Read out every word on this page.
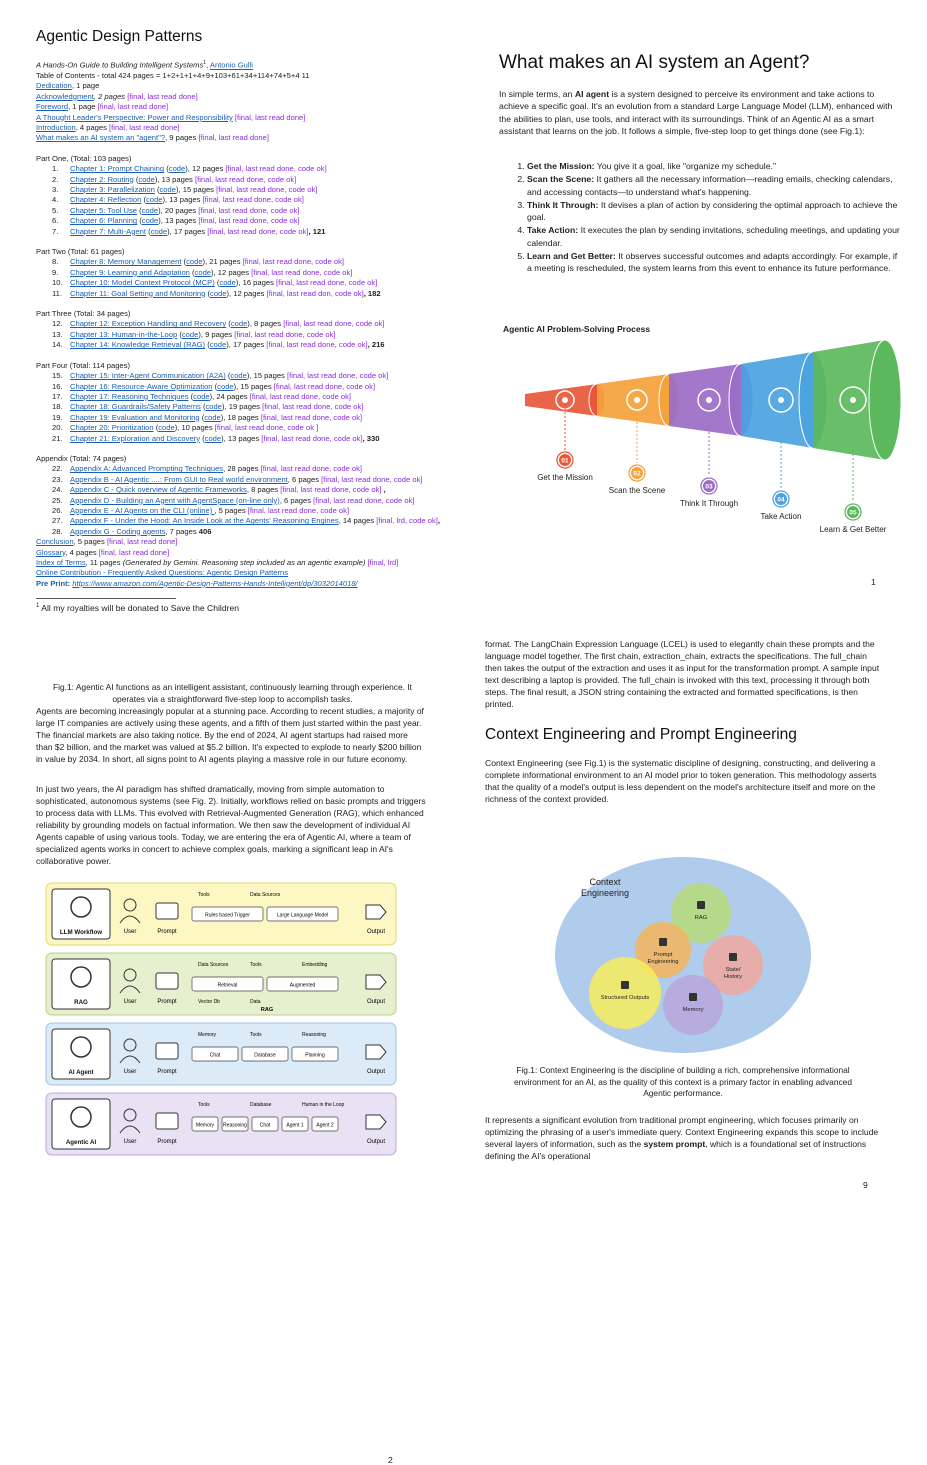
Agentic Design Patterns
A Hands-On Guide to Building Intelligent Systems$^1$, Antonio Gulli
Table of Contents - total 424 pages = 1+2+1+1+4+9+103+61+34+114+74+5+4 11
Dedication, 1 page
Acknowledgment, 2 pages [final, last read done]
Foreword, 1 page [final, last read done]
A Thought Leader's Perspective: Power and Responsibility [final, last read done]
Introduction, 4 pages [final, last read done]
What makes an AI system an "agent"?, 9 pages [final, last read done]
Part One, (Total: 103 pages)
1. Chapter 1: Prompt Chaining (code), 12 pages [final, last read done, code ok]
2. Chapter 2: Routing (code), 13 pages [final, last read done, code ok]
3. Chapter 3: Parallelization (code), 15 pages [final, last read done, code ok]
4. Chapter 4: Reflection (code), 13 pages [final, last read done, code ok]
5. Chapter 5: Tool Use (code), 20 pages [final, last read done, code ok]
6. Chapter 6: Planning (code), 13 pages [final, last read done, code ok]
7. Chapter 7: Multi-Agent (code), 17 pages [final, last read done, code ok], 121
Part Two (Total: 61 pages)
8. Chapter 8: Memory Management (code), 21 pages [final, last read done, code ok]
9. Chapter 9: Learning and Adaptation (code), 12 pages [final, last read done, code ok]
10. Chapter 10: Model Context Protocol (MCP) (code), 16 pages [final, last read done, code ok]
11. Chapter 11: Goal Setting and Monitoring (code), 12 pages [final, last read don, code ok], 182
Part Three (Total: 34 pages)
12. Chapter 12: Exception Handling and Recovery (code), 8 pages [final, last read done, code ok]
13. Chapter 13: Human-in-the-Loop (code), 9 pages [final, last read done, code ok]
14. Chapter 14: Knowledge Retrieval (RAG) (code), 17 pages [final, last read done, code ok], 216
Part Four (Total: 114 pages)
15. Chapter 15: Inter-Agent Communication (A2A) (code), 15 pages [final, last read done, code ok]
16. Chapter 16: Resource-Aware Optimization (code), 15 pages [final, last read done, code ok]
17. Chapter 17: Reasoning Techniques (code), 24 pages [final, last read done, code ok]
18. Chapter 18: Guardrails/Safety Patterns (code), 19 pages [final, last read done, code ok]
19. Chapter 19: Evaluation and Monitoring (code), 18 pages [final, last read done, code ok]
20. Chapter 20: Prioritization (code), 10 pages [final, last read done, code ok ]
21. Chapter 21: Exploration and Discovery (code), 13 pages [final, last read done, code ok], 330
Appendix (Total: 74 pages)
22. Appendix A: Advanced Prompting Techniques, 28 pages [final, last read done, code ok]
23. Appendix B - AI Agentic ....: From GUI to Real world environment, 6 pages [final, last read done, code ok]
24. Appendix C - Quick overview of Agentic Frameworks, 8 pages [final, last read done, code ok] ,
25. Appendix D - Building an Agent with AgentSpace (on-line only), 6 pages [final, last read done, code ok]
26. Appendix E - AI Agents on the CLI (online) , 5 pages [final, last read done, code ok]
27. Appendix F - Under the Hood: An Inside Look at the Agents' Reasoning Engines, 14 pages [final, lrd, code ok],
28. Appendix G - Coding agents, 7 pages 406
Conclusion, 5 pages [final, last read done]
Glossary, 4 pages [final, last read done]
Index of Terms, 11 pages (Generated by Gemini. Reasoning step included as an agentic example) [final, lrd]
Online Contribution - Frequently Asked Questions: Agentic Design Patterns
Pre Print: https://www.amazon.com/Agentic-Design-Patterns-Hands-Intelligent/dp/3032014018/
$^1$ All my royalties will be donated to Save the Children
What makes an AI system an Agent?
In simple terms, an AI agent is a system designed to perceive its environment and take actions to achieve a specific goal. It's an evolution from a standard Large Language Model (LLM), enhanced with the abilities to plan, use tools, and interact with its surroundings. Think of an Agentic AI as a smart assistant that learns on the job. It follows a simple, five-step loop to get things done (see Fig.1):
1. Get the Mission: You give it a goal, like "organize my schedule."
2. Scan the Scene: It gathers all the necessary information—reading emails, checking calendars, and accessing contacts—to understand what's happening.
3. Think It Through: It devises a plan of action by considering the optimal approach to achieve the goal.
4. Take Action: It executes the plan by sending invitations, scheduling meetings, and updating your calendar.
5. Learn and Get Better: It observes successful outcomes and adapts accordingly. For example, if a meeting is rescheduled, the system learns from this event to enhance its future performance.
Agentic AI Problem-Solving Process
01
Get the Mission	02
Scan the Scene	03
Think It Through	04
Take Action	05
Learn & Get Better
1
Fig.1: Agentic AI functions as an intelligent assistant, continuously learning through experience. It operates via a straightforward five-step loop to accomplish tasks.
Agents are becoming increasingly popular at a stunning pace. According to recent studies, a majority of large IT companies are actively using these agents, and a fifth of them just started within the past year. The financial markets are also taking notice. By the end of 2024, AI agent startups had raised more than $2 billion, and the market was valued at $5.2 billion. It's expected to explode to nearly $200 billion in value by 2034. In short, all signs point to AI agents playing a massive role in our future economy.
In just two years, the AI paradigm has shifted dramatically, moving from simple automation to sophisticated, autonomous systems (see Fig. 2). Initially, workflows relied on basic prompts and triggers to process data with LLMs. This evolved with Retrieval-Augmented Generation (RAG), which enhanced reliability by grounding models on factual information. We then saw the development of individual AI Agents capable of using various tools. Today, we are entering the era of Agentic AI, where a team of specialized agents works in concert to achieve complex goals, marking a significant leap in AI's collaborative power.
LLM Workflow	User	Prompt
Rules based Trigger	Large Language Model
Tools	Data Sources
Output
RAG	User	Prompt
Retrieval	Augmented
Data Sources	Tools	Embedding
Vector Db	Data
RAG
Output
AI Agent	User	Prompt
Chat	Database	Planning
Memory	Tools	Reasoning
Output
Agentic AI	User	Prompt
Memory Reasoning	Chat	Agent 1	Agent 2
Tools	Database	Human in the Loop
Output
2
format. The LangChain Expression Language (LCEL) is used to elegantly chain these prompts and the language model together. The first chain, extraction_chain, extracts the specifications. The full_chain then takes the output of the extraction and uses it as input for the transformation prompt. A sample input text describing a laptop is provided. The full_chain is invoked with this text, processing it through both steps. The final result, a JSON string containing the extracted and formatted specifications, is then printed.
Context Engineering and Prompt Engineering
Context Engineering (see Fig.1) is the systematic discipline of designing, constructing, and delivering a complete informational environment to an AI model prior to token generation. This methodology asserts that the quality of a model's output is less dependent on the model's architecture itself and more on the richness of the context provided.
RAG
Prompt
Engineering
State/
History
Structured Outputs
Memory
Context
Engineering
Fig.1: Context Engineering is the discipline of building a rich, comprehensive informational environment for an AI, as the quality of this context is a primary factor in enabling advanced Agentic performance.
It represents a significant evolution from traditional prompt engineering, which focuses primarily on optimizing the phrasing of a user's immediate query. Context Engineering expands this scope to include several layers of information, such as the system prompt, which is a foundational set of instructions defining the AI's operational
9
